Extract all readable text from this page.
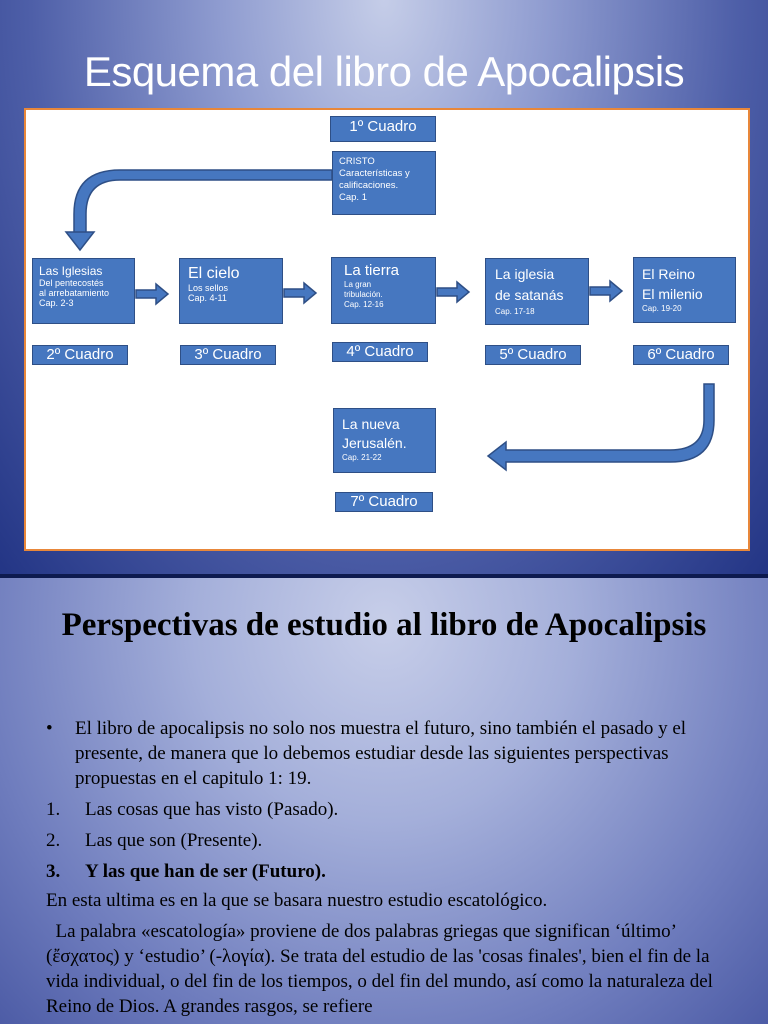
Esquema del libro de Apocalipsis
1º Cuadro
CRISTO
Características y
calificaciones.
Cap. 1
Las Iglesias
Del pentecostés
al arrebatamiento
Cap. 2-3
El cielo
Los sellos
Cap. 4-11
La tierra
La gran
tribulación.
Cap. 12-16
La iglesia
de satanás
Cap. 17-18
El Reino
El milenio
Cap. 19-20
2º Cuadro	3º Cuadro	4º Cuadro	5º Cuadro	6º Cuadro
La nueva
Jerusalén.
Cap. 21-22
7º Cuadro
Perspectivas de estudio al libro de Apocalipsis
• El libro de apocalipsis no solo nos muestra el futuro, sino también el pasado y el presente, de manera que lo debemos estudiar desde las siguientes perspectivas propuestas en el capitulo 1: 19.
1. Las cosas que has visto (Pasado).
2. Las que son (Presente).
3. Y las que han de ser (Futuro).
En esta ultima es en la que se basara nuestro estudio escatológico.
La palabra «escatología» proviene de dos palabras griegas que significan ‘último’ (ἔσχατος) y ‘estudio’ (-λογία). Se trata del estudio de las 'cosas finales', bien el fin de la vida individual, o del fin de los tiempos, o del fin del mundo, así como la naturaleza del Reino de Dios. A grandes rasgos, se refiere
